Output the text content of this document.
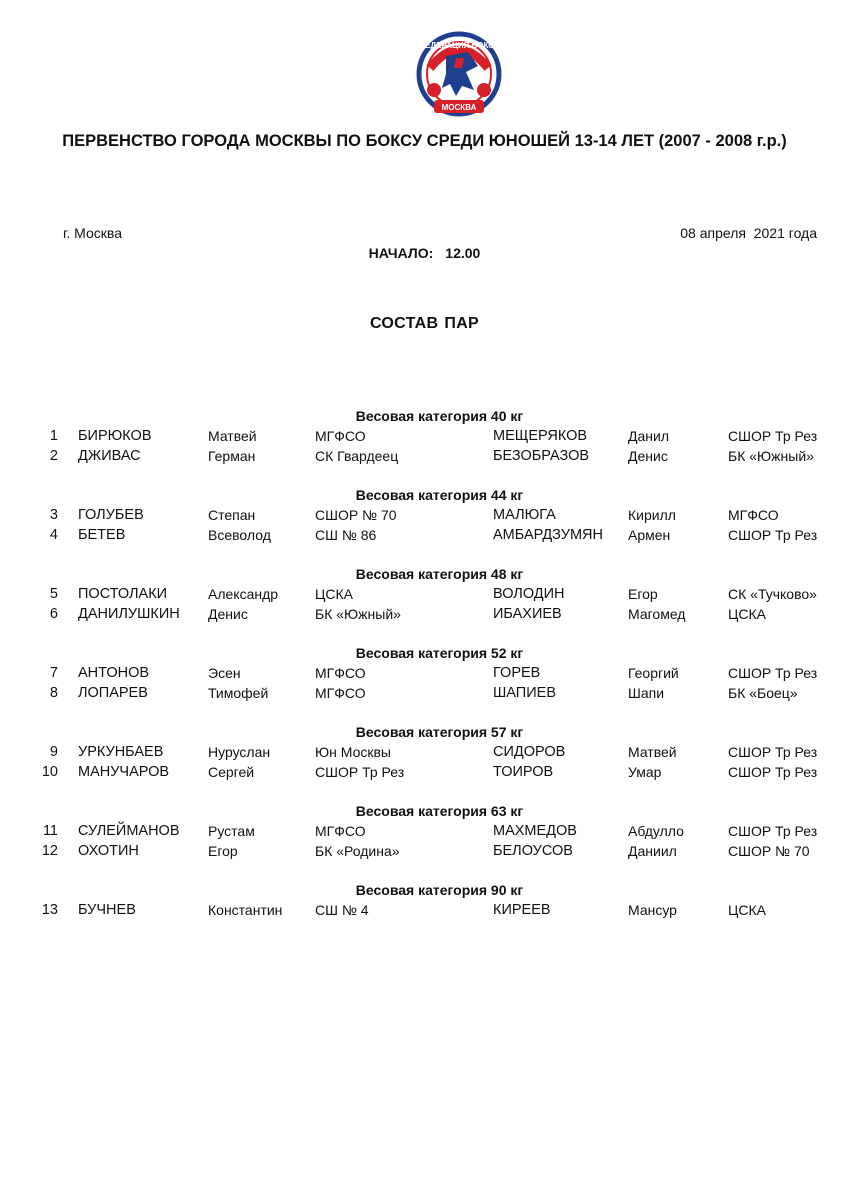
ФЕДЕРАЦИЯ БОКСА
МОСКВА
ПЕРВЕНСТВО ГОРОДА МОСКВЫ ПО БОКСУ СРЕДИ ЮНОШЕЙ 13-14 ЛЕТ (2007 - 2008 г.р.)
г. Москва	08 апреля  2021 года
НАЧАЛО: 12.00
СОСТАВ ПАР
Весовая категория 40 кг
1 БИРЮКОВ	Матвей	МГФСО	МЕЩЕРЯКОВ	Данил	СШОР Тр Рез
2 ДЖИВАС	Герман	СК Гвардеец	БЕЗОБРАЗОВ	Денис	БК «Южный»
Весовая категория 44 кг
3 ГОЛУБЕВ	Степан	СШОР № 70	МАЛЮГА	Кирилл	МГФСО
4 БЕТЕВ	Всеволод	СШ № 86	АМБАРДЗУМЯН Армен	СШОР Тр Рез
Весовая категория 48 кг
5 ПОСТОЛАКИ	Александр	ЦСКА	ВОЛОДИН	Егор	СК «Тучково»
6 ДАНИЛУШКИН Денис	БК «Южный»	ИБАХИЕВ	Магомед	ЦСКА
Весовая категория 52 кг
7 АНТОНОВ	Эсен	МГФСО	ГОРЕВ	Георгий	СШОР Тр Рез
8 ЛОПАРЕВ	Тимофей	МГФСО	ШАПИЕВ	Шапи	БК «Боец»
Весовая категория 57 кг
9 УРКУНБАЕВ	Нуруслан	Юн Москвы	СИДОРОВ	Матвей	СШОР Тр Рез
10 МАНУЧАРОВ	Сергей	СШОР Тр Рез	ТОИРОВ	Умар	СШОР Тр Рез
Весовая категория 63 кг
11 СУЛЕЙМАНОВ Рустам	МГФСО	МАХМЕДОВ	Абдулло	СШОР Тр Рез
12 ОХОТИН	Егор	БК «Родина»	БЕЛОУСОВ	Даниил	СШОР № 70
Весовая категория 90 кг
13 БУЧНЕВ	Константин СШ № 4	КИРЕЕВ	Мансур	ЦСКА
